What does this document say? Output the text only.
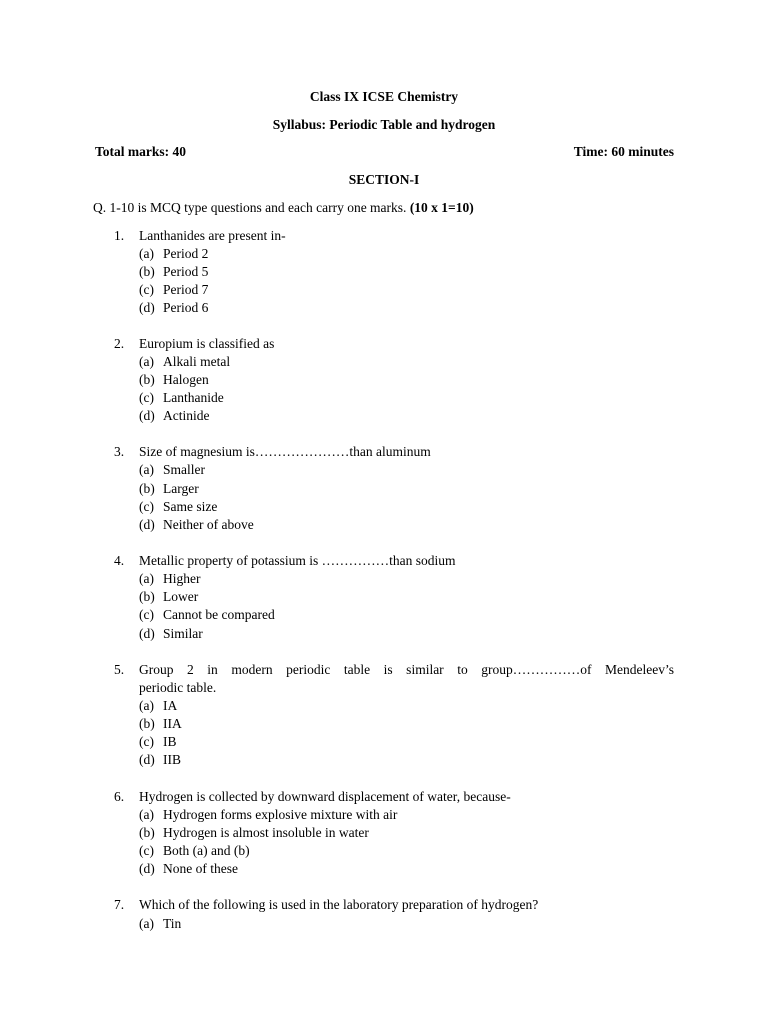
Class IX ICSE Chemistry
Syllabus: Periodic Table and hydrogen
Total marks: 40	Time: 60 minutes
SECTION-I
Q. 1-10 is MCQ type questions and each carry one marks. (10 x 1=10)
1. Lanthanides are present in-
(a) Period 2
(b) Period 5
(c) Period 7
(d) Period 6
2. Europium is classified as
(a) Alkali metal
(b) Halogen
(c) Lanthanide
(d) Actinide
3. Size of magnesium is…………………than aluminum
(a) Smaller
(b) Larger
(c) Same size
(d) Neither of above
4. Metallic property of potassium is ……………than sodium
(a) Higher
(b) Lower
(c) Cannot be compared
(d) Similar
5. Group 2 in modern periodic table is similar to group……………of Mendeleev’s
periodic table.
(a) IA
(b) IIA
(c) IB
(d) IIB
6. Hydrogen is collected by downward displacement of water, because-
(a) Hydrogen forms explosive mixture with air
(b) Hydrogen is almost insoluble in water
(c) Both (a) and (b)
(d) None of these
7. Which of the following is used in the laboratory preparation of hydrogen?
(a) Tin
